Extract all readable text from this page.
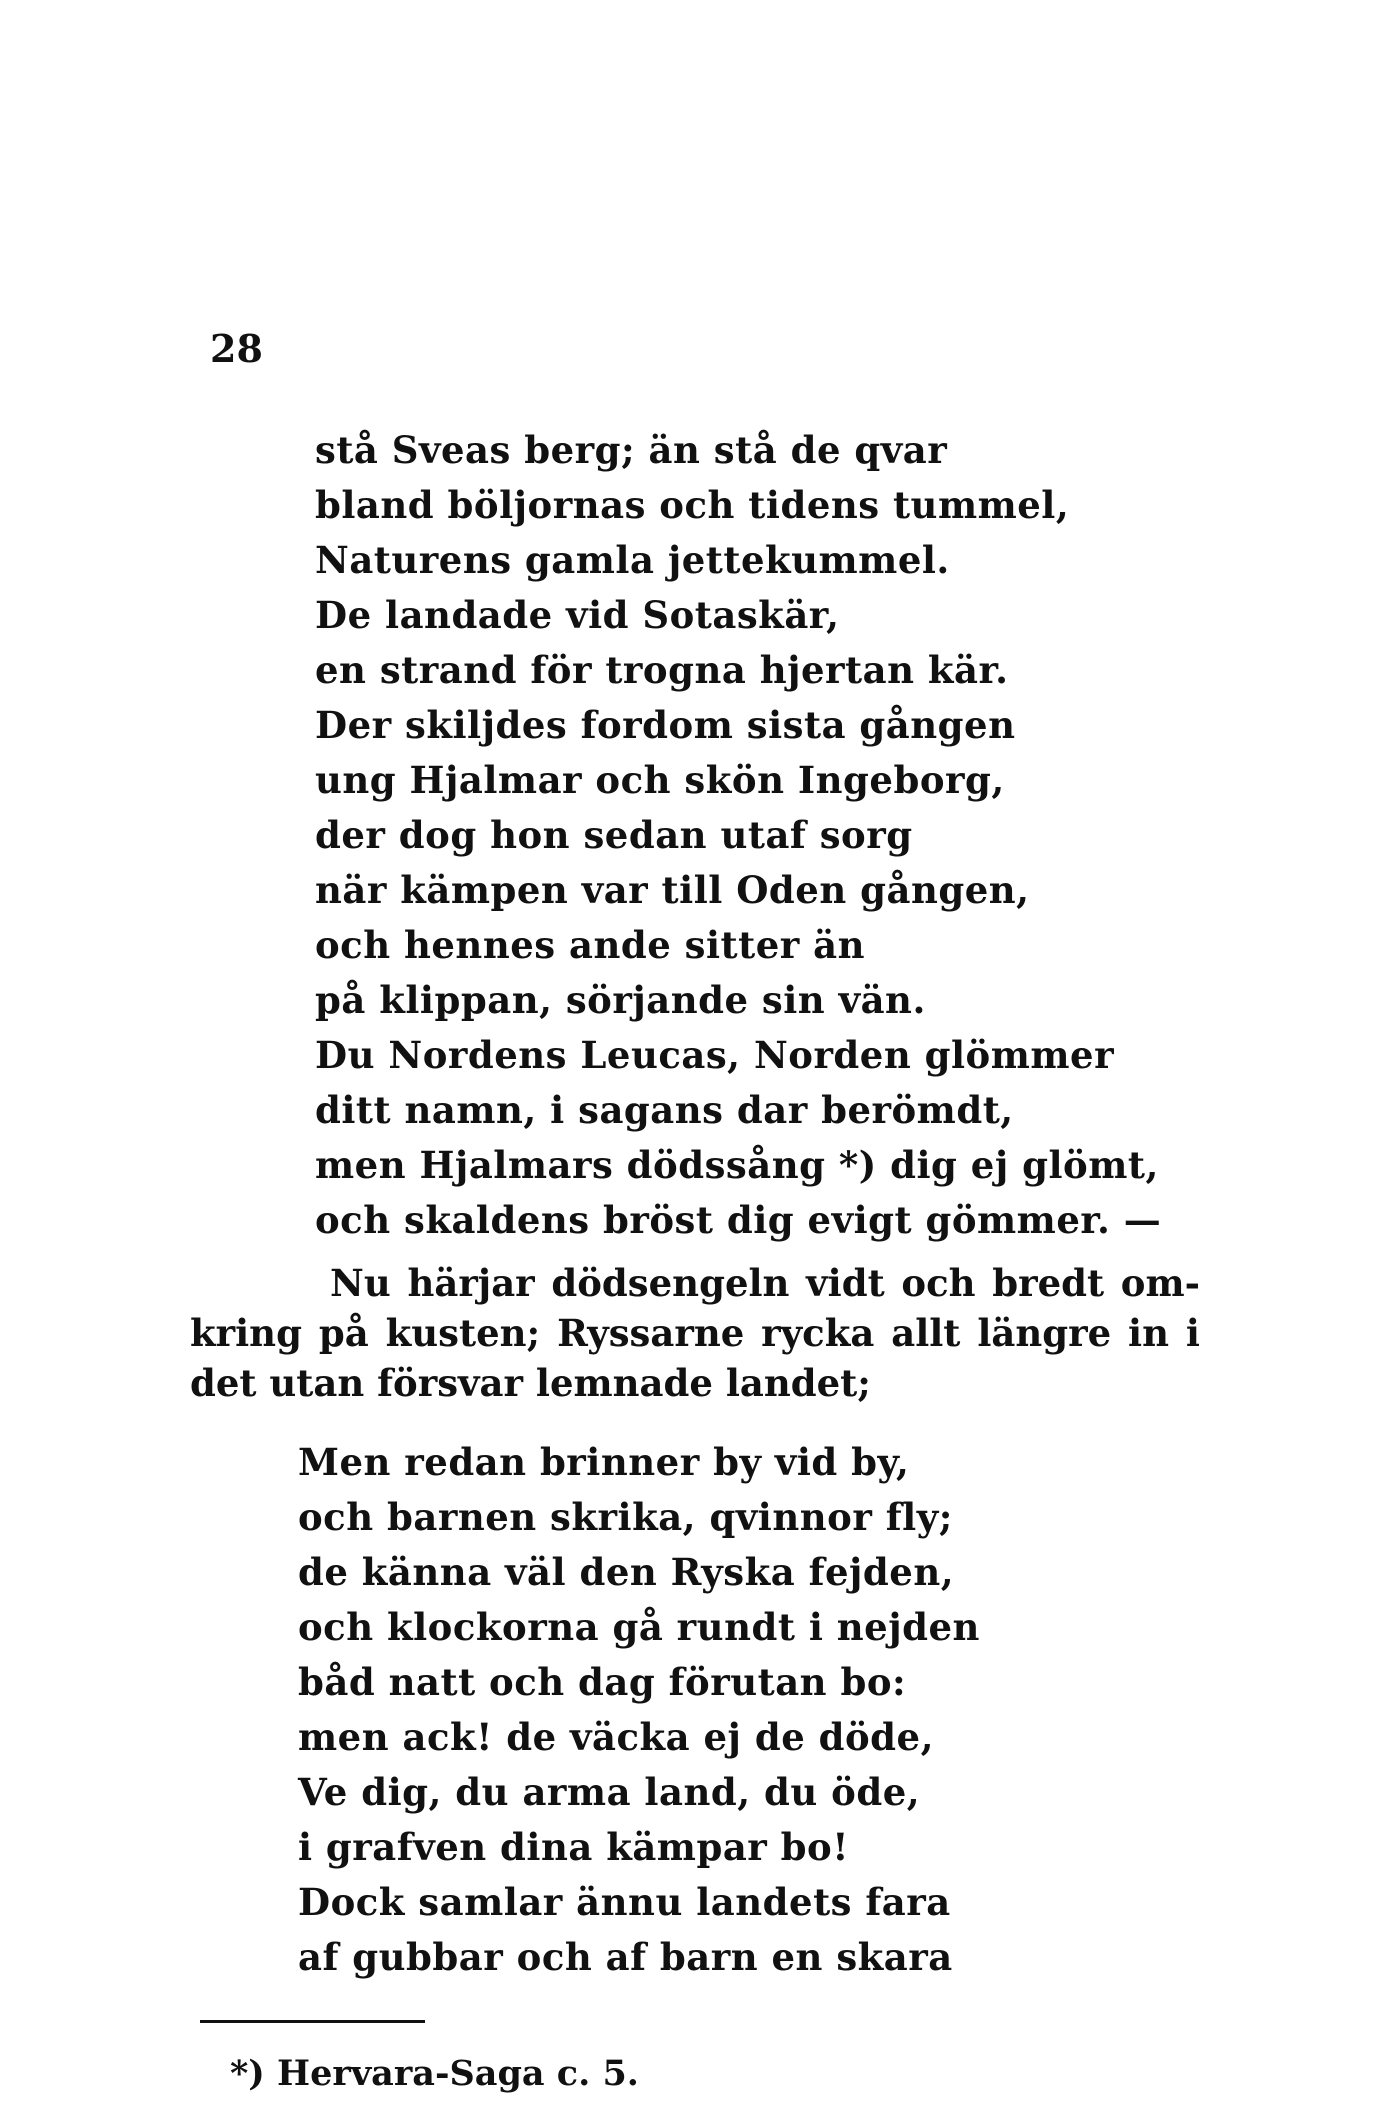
28
stå Sveas berg; än stå de qvar
bland böljornas och tidens tummel,
Naturens gamla jettekummel.
De landade vid Sotaskär,
en strand för trogna hjertan kär.
Der skiljdes fordom sista gången
ung Hjalmar och skön Ingeborg,
der dog hon sedan utaf sorg
när kämpen var till Oden gången,
och hennes ande sitter än
på klippan, sörjande sin vän.
Du Nordens Leucas, Norden glömmer
ditt namn, i sagans dar berömdt,
men Hjalmars dödssång *) dig ej glömt,
och skaldens bröst dig evigt gömmer. —
Nu härjar dödsengeln vidt och bredt om-
kring på kusten; Ryssarne rycka allt längre in i
det utan försvar lemnade landet;
Men redan brinner by vid by,
och barnen skrika, qvinnor fly;
de känna väl den Ryska fejden,
och klockorna gå rundt i nejden
båd natt och dag förutan bo:
men ack! de väcka ej de döde,
Ve dig, du arma land, du öde,
i grafven dina kämpar bo!
Dock samlar ännu landets fara
af gubbar och af barn en skara
*) Hervara-Saga c. 5.
